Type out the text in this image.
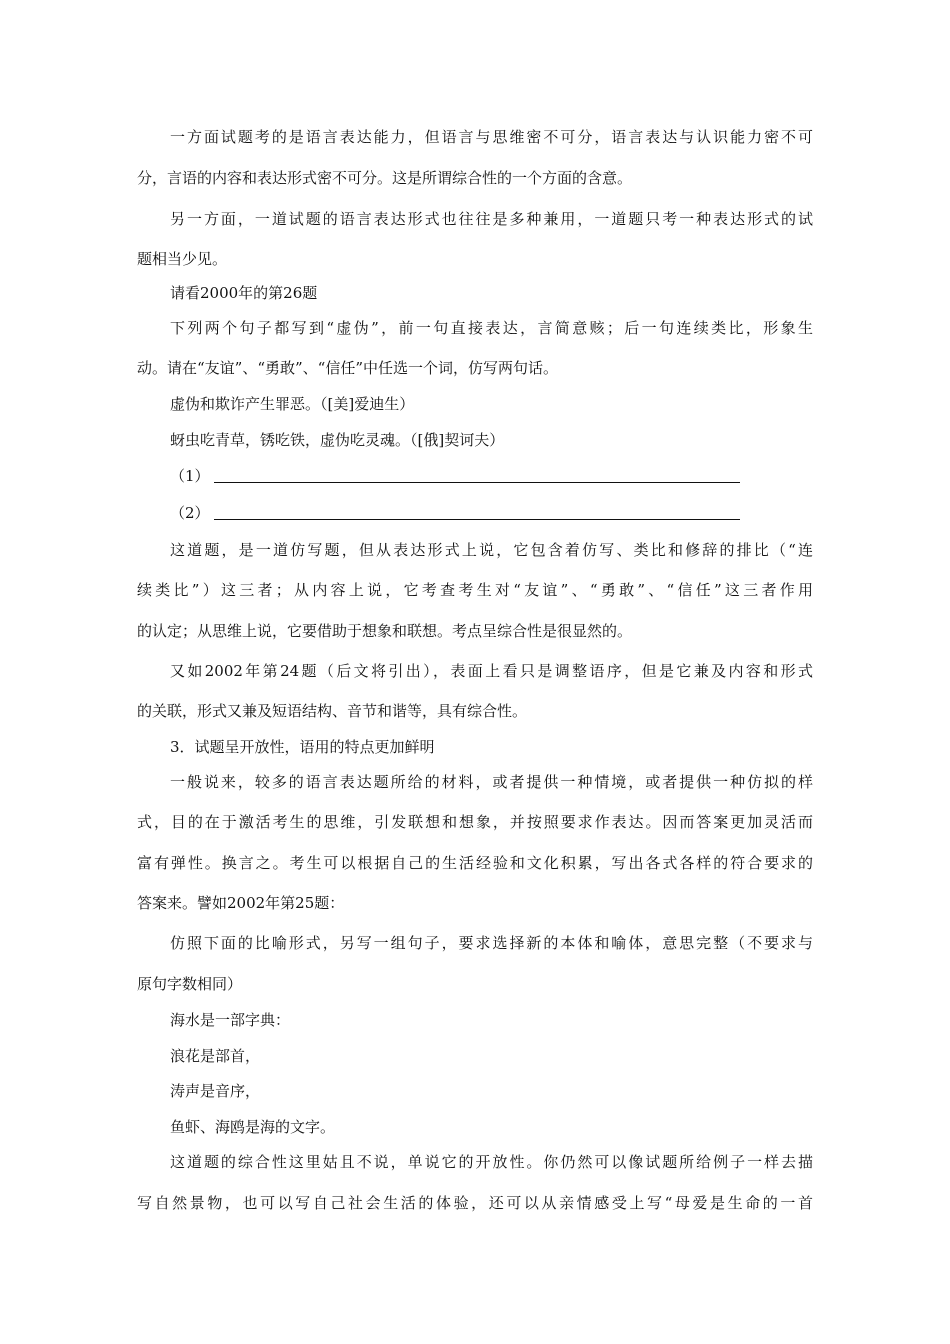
一方面试题考的是语言表达能力，但语言与思维密不可分，语言表达与认识能力密不可
分，言语的内容和表达形式密不可分。这是所谓综合性的一个方面的含意。
另一方面，一道试题的语言表达形式也往往是多种兼用，一道题只考一种表达形式的试
题相当少见。
请看2000年的第26题
下列两个句子都写到“虚伪”，前一句直接表达，言简意赅；后一句连续类比，形象生
动。请在“友谊”、“勇敢”、“信任”中任选一个词，仿写两句话。
虚伪和欺诈产生罪恶。（[美]爱迪生）
蚜虫吃青草，锈吃铁，虚伪吃灵魂。（[俄]契诃夫）
（1）
（2）
这道题，是一道仿写题，但从表达形式上说，它包含着仿写、类比和修辞的排比（“连
续类比”）这三者；从内容上说，它考查考生对“友谊”、“勇敢”、“信任”这三者作用
的认定；从思维上说，它要借助于想象和联想。考点呈综合性是很显然的。
又如2002年第24题（后文将引出），表面上看只是调整语序，但是它兼及内容和形式
的关联，形式又兼及短语结构、音节和谐等，具有综合性。
3．试题呈开放性，语用的特点更加鲜明
一般说来，较多的语言表达题所给的材料，或者提供一种情境，或者提供一种仿拟的样
式，目的在于激活考生的思维，引发联想和想象，并按照要求作表达。因而答案更加灵活而
富有弹性。换言之。考生可以根据自己的生活经验和文化积累，写出各式各样的符合要求的
答案来。譬如2002年第25题：
仿照下面的比喻形式，另写一组句子，要求选择新的本体和喻体，意思完整（不要求与
原句字数相同）
海水是一部字典：
浪花是部首，
涛声是音序，
鱼虾、海鸥是海的文字。
这道题的综合性这里姑且不说，单说它的开放性。你仍然可以像试题所给例子一样去描
写自然景物，也可以写自己社会生活的体验，还可以从亲情感受上写“母爱是生命的一首
